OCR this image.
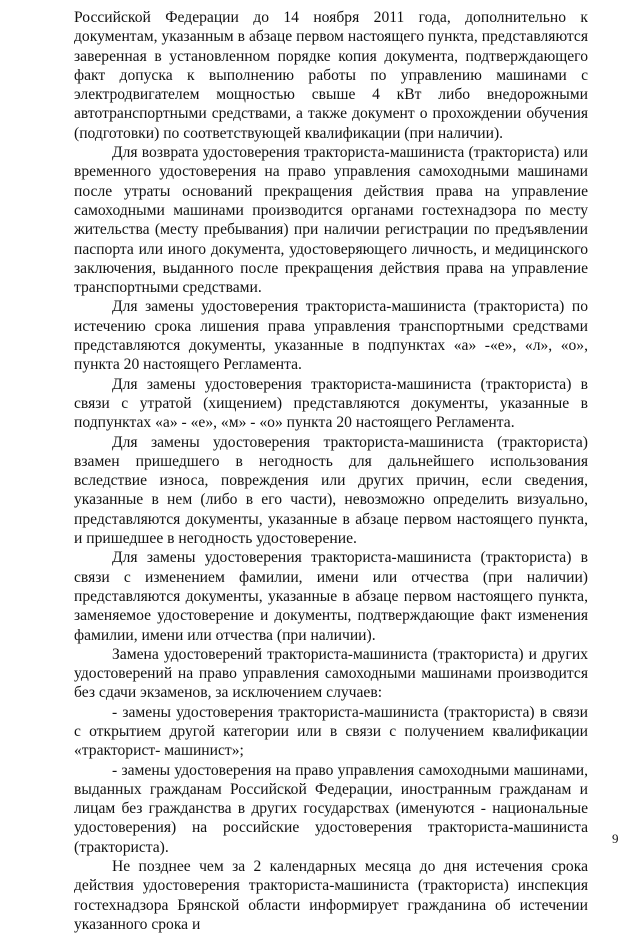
Российской Федерации до 14 ноября 2011 года, дополнительно к документам, указанным в абзаце первом настоящего пункта, представляются заверенная в установленном порядке копия документа, подтверждающего факт допуска к выполнению работы по управлению машинами с электродвигателем мощностью свыше 4 кВт либо внедорожными автотранспортными средствами, а также документ о прохождении обучения (подготовки) по соответствующей квалификации (при наличии).

Для возврата удостоверения тракториста-машиниста (тракториста) или временного удостоверения на право управления самоходными машинами после утраты оснований прекращения действия права на управление самоходными машинами производится органами гостехнадзора по месту жительства (месту пребывания) при наличии регистрации по предъявлении паспорта или иного документа, удостоверяющего личность, и медицинского заключения, выданного после прекращения действия права на управление транспортными средствами.

Для замены удостоверения тракториста-машиниста (тракториста) по истечению срока лишения права управления транспортными средствами представляются документы, указанные в подпунктах «а» -«е», «л», «о», пункта 20 настоящего Регламента.

Для замены удостоверения тракториста-машиниста (тракториста) в связи с утратой (хищением) представляются документы, указанные в подпунктах «а» - «е», «м» - «о» пункта 20 настоящего Регламента.

Для замены удостоверения тракториста-машиниста (тракториста) взамен пришедшего в негодность для дальнейшего использования вследствие износа, повреждения или других причин, если сведения, указанные в нем (либо в его части), невозможно определить визуально, представляются документы, указанные в абзаце первом настоящего пункта, и пришедшее в негодность удостоверение.

Для замены удостоверения тракториста-машиниста (тракториста) в связи с изменением фамилии, имени или отчества (при наличии) представляются документы, указанные в абзаце первом настоящего пункта, заменяемое удостоверение и документы, подтверждающие факт изменения фамилии, имени или отчества (при наличии).

Замена удостоверений тракториста-машиниста (тракториста) и других удостоверений на право управления самоходными машинами производится без сдачи экзаменов, за исключением случаев:

- замены удостоверения тракториста-машиниста (тракториста) в связи с открытием другой категории или в связи с получением квалификации «тракторист- машинист»;

- замены удостоверения на право управления самоходными машинами, выданных гражданам Российской Федерации, иностранным гражданам и лицам без гражданства в других государствах (именуются - национальные удостоверения) на российские удостоверения тракториста-машиниста (тракториста).

Не позднее чем за 2 календарных месяца до дня истечения срока действия удостоверения тракториста-машиниста (тракториста) инспекция гостехнадзора Брянской области информирует гражданина об истечении указанного срока и

9
